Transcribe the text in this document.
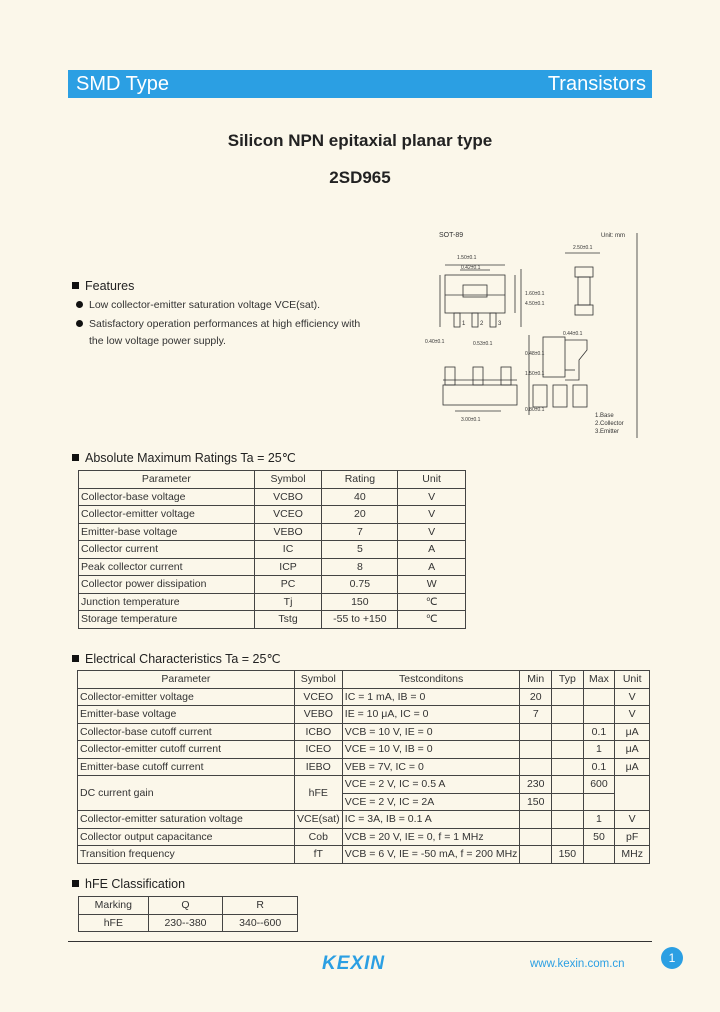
SMD Type	Transistors
Silicon NPN epitaxial planar type
2SD965
SOT-89	Unit: mm
1.50±0.1
0.42±0.1
1.60±0.1
4.50±0.1
2.50±0.1
0.44±0.1
0.40±0.1	0.53±0.1
0.48±0.1
3.00±0.1
1.50±0.1
0.80±0.1
1 2 3
1.Base
2.Collector
3.Emitter
Features
Low collector-emitter saturation voltage VCE(sat).
Satisfactory operation performances at high efficiency with
the low voltage power supply.
Absolute Maximum Ratings Ta = 25℃
Parameter	Symbol	Rating	Unit
Collector-base voltage	VCBO	40	V
Collector-emitter voltage	VCEO	20	V
Emitter-base voltage	VEBO	7	V
Collector current	IC	5	A
Peak collector current	ICP	8	A
Collector power dissipation	PC	0.75	W
Junction temperature	Tj	150	℃
Storage temperature	Tstg	-55 to +150	℃
Electrical Characteristics Ta = 25℃
Parameter	Symbol	Testconditons	Min	Typ	Max	Unit
Collector-emitter voltage	VCEO	IC = 1 mA, IB = 0	20			V
Emitter-base voltage	VEBO	IE = 10 μA, IC = 0	7			V
Collector-base cutoff current	ICBO	VCB = 10 V, IE = 0			0.1	μA
Collector-emitter cutoff current	ICEO	VCE = 10 V, IB = 0			1	μA
Emitter-base cutoff current	IEBO	VEB = 7V, IC = 0			0.1	μA
DC current gain	hFE	VCE = 2 V, IC = 0.5 A	230		600	
		VCE = 2 V, IC = 2A	150			
Collector-emitter saturation voltage	VCE(sat)	IC = 3A, IB = 0.1 A			1	V
Collector output capacitance	Cob	VCB = 20 V, IE = 0, f = 1 MHz			50	pF
Transition frequency	fT	VCB = 6 V, IE = -50 mA, f = 200 MHz		150		MHz
hFE Classification
Marking	Q	R
hFE	230--380	340--600
KEXIN	www.kexin.com.cn	1
